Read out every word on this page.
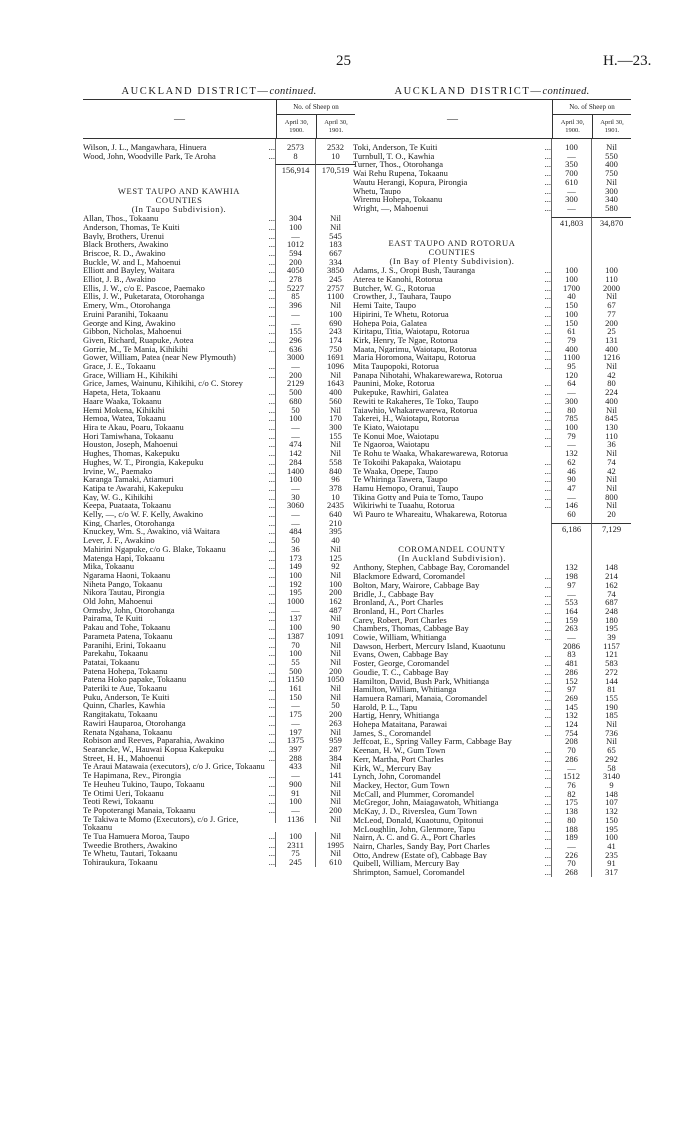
25	H.—23.
AUCKLAND DISTRICT—continued.
—
No. of Sheep on
April 30,
1900.
April 30,
1901.
Wilson, J. L., Mangawhara, Hinuera	...	2573	2532
Wood, John, Woodville Park, Te Aroha	...	8	10
156,914	170,519
WEST TAUPO AND KAWHIA
COUNTIES
(In Taupo Subdivision).
Allan, Thos., Tokaanu	...	304	Nil
Anderson, Thomas, Te Kuiti	...	100	Nil
Bayly, Brothers, Urenui	...	—	545
Black Brothers, Awakino	...	1012	183
Briscoe, R. D., Awakino	...	594	667
Buckle, W. and I., Mahoenui	...	200	334
Elliott and Bayley, Waitara	...	4050	3850
Elliot, J. B., Awakino	...	278	245
Ellis, J. W., c/o E. Pascoe, Paemako	...	5227	2757
Ellis, J. W., Puketarata, Otorohanga	...	85	1100
Emery, Wm., Otorohanga	...	396	Nil
Eruini Paranihi, Tokaanu	...	—	100
George and King, Awakino	...	—	690
Gibbon, Nicholas, Mahoenui	...	155	243
Given, Richard, Ruapuke, Aotea	...	296	174
Gorrie, M., Te Mania, Kihikihi	...	636	750
Gower, William, Patea (near New Plymouth)	3000	1691
Grace, J. E., Tokaanu	...	—	1096
Grace, William H., Kihikihi	...	200	Nil
Grice, James, Wainunu, Kihikihi, c/o C. Storey	2129	1643
Hapeta, Heta, Tokaanu	...	500	400
Haare Waaka, Tokaanu	...	680	560
Hemi Mokena, Kihikihi	...	50	Nil
Hemoa, Watea, Tokaanu	...	100	170
Hira te Akau, Poaru, Tokaanu	...	—	300
Hori Tamiwhana, Tokaanu	...	—	155
Houston, Joseph, Mahoenui	...	474	Nil
Hughes, Thomas, Kakepuku	...	142	Nil
Hughes, W. T., Pirongia, Kakepuku	...	284	558
Irvine, W., Paemako	...	1400	840
Karanga Tamaki, Atiamuri	...	100	96
Katipa te Awarahi, Kakepuku	...	—	378
Kay, W. G., Kihikihi	...	30	10
Keepa, Puataata, Tokaanu	...	3060	2435
Kelly, —, c/o W. F. Kelly, Awakino	...	—	640
King, Charles, Otorohanga	...	—	210
Knuckey, Wm. S., Awakino, viâ Waitara	...	484	395
Lever, J. F., Awakino	...	50	40
Mahirini Ngapuke, c/o G. Blake, Tokaanu	...	36	Nil
Matenga Hapi, Tokaanu	...	173	125
Mika, Tokaanu	...	149	92
Ngarama Haoni, Tokaanu	...	100	Nil
Niheta Pango, Tokaanu	...	192	100
Nikora Tautau, Pirongia	...	195	200
Old John, Mahoenui	...	1000	162
Ormsby, John, Otorohanga	...	—	487
Pairama, Te Kuiti	...	137	Nil
Pakau and Tohe, Tokaanu	...	100	90
Parameta Patena, Tokaanu	...	1387	1091
Paranihi, Erini, Tokaanu	...	70	Nil
Parekahu, Tokaanu	...	100	Nil
Patatai, Tokaanu	...	55	Nil
Patena Hohepa, Tokaanu	...	500	200
Patena Hoko papake, Tokaanu	...	1150	1050
Pateriki te Aue, Tokaanu	...	161	Nil
Puku, Anderson, Te Kuiti	...	150	Nil
Quinn, Charles, Kawhia	...	—	50
Rangitakatu, Tokaanu	...	175	200
Rawiri Hauparoa, Otorohanga	...	—	263
Renata Ngahana, Tokaanu	...	197	Nil
Robison and Reeves, Paparahia, Awakino	...	1375	959
Searancke, W., Hauwai Kopua Kakepuku	...	397	287
Street, H. H., Mahoenui	...	288	384
Te Araui Matawaia (executors), c/o J. Grice, Tokaanu	433	Nil
Te Hapimana, Rev., Pirongia	...	—	141
Te Heuheu Tukino, Taupo, Tokaanu	...	900	Nil
Te Otimi Ueri, Tokaanu	...	91	Nil
Teoti Rewi, Tokaanu	...	100	Nil
Te Popoterangi Manaia, Tokaanu	...	—	200
Te Takiwa te Momo (Executors), c/o J. Grice, Tokaanu
1136	Nil
Te Tua Hamuera Moroa, Taupo	...	100	Nil
Tweedie Brothers, Awakino	...	2311	1995
Te Whetu, Tautari, Tokaanu	...	75	Nil
Tohiraukura, Tokaanu	...	245	610
AUCKLAND DISTRICT—continued.
—
No. of Sheep on
April 30,
1900.
April 30,
1901.
Toki, Anderson, Te Kuiti	...	100	Nil
Turnbull, T. O., Kawhia	...	—	550
Turner, Thos., Otorohanga	...	350	400
Wai Rehu Rupena, Tokaanu	...	700	750
Wautu Herangi, Kopura, Pirongia	...	610	Nil
Whetu, Taupo	...	—	300
Wiremu Hohepa, Tokaanu	...	300	340
Wright, —, Mahoenui	...	—	580
41,803	34,870
EAST TAUPO AND ROTORUA
COUNTIES
(In Bay of Plenty Subdivision).
Adams, J. S., Oropi Bush, Tauranga	...	100	100
Aterea te Kanohi, Rotorua	...	100	110
Butcher, W. G., Rotorua	...	1700	2000
Crowther, J., Tauhara, Taupo	...	40	Nil
Hemi Taite, Taupo	...	150	67
Hipirini, Te Whetu, Rotorua	...	100	77
Hohepa Poia, Galatea	...	150	200
Kiritapu, Titia, Waiotapu, Rotorua	...	61	25
Kirk, Henry, Te Ngae, Rotorua	...	79	131
Maata, Ngarimu, Waiotapu, Rotorua	...	400	400
Maria Horomona, Waitapu, Rotorua	...	1100	1216
Mita Taupopoki, Rotorua	...	95	Nil
Panapa Nihotahi, Whakarewarewa, Rotorua	120	42
Paunini, Moke, Rotorua	...	64	80
Pukepuke, Rawhiri, Galatea	...	—	224
Rewiti te Rakaheres, Te Toko, Taupo	...	300	400
Taiawhio, Whakarewarewa, Rotorua	...	80	Nil
Takerei, H., Waiotapu, Rotorua	...	785	845
Te Kiato, Waiotapu	...	100	130
Te Konui Moe, Waiotapu	...	79	110
Te Ngaoroa, Waiotapu	...	—	36
Te Rohu te Waaka, Whakarewarewa, Rotorua	132	Nil
Te Tokoihi Pakapaka, Waiotapu	...	62	74
Te Waaka, Opepe, Taupo	...	46	42
Te Whiringa Tawera, Taupo	...	90	Nil
Hamu Hemopo, Oranui, Taupo	...	47	Nil
Tikina Gotty and Puia te Tomo, Taupo	...	—	800
Wikiriwhi te Tuaahu, Rotorua	...	146	Nil
Wi Pauro te Whareaitu, Whakarewa, Rotorua	60	20
6,186	7,129
COROMANDEL COUNTY
(In Auckland Subdivision).
Anthony, Stephen, Cabbage Bay, Coromandel	132	148
Blackmore Edward, Coromandel	...	198	214
Bolton, Mary, Wairore, Cabbage Bay	...	97	162
Bridle, J., Cabbage Bay	...	—	74
Bronland, A., Port Charles	...	553	687
Bronland, H., Port Charles	...	164	248
Carey, Robert, Port Charles	...	159	180
Chambers, Thomas, Cabbage Bay	...	263	195
Cowie, William, Whitianga	...	—	39
Dawson, Herbert, Mercury Island, Kuaotunu	2086	1157
Evans, Owen, Cabbage Bay	...	83	121
Foster, George, Coromandel	...	481	583
Goudie, T. C., Cabbage Bay	...	286	272
Hamilton, David, Bush Park, Whitianga	...	152	144
Hamilton, William, Whitianga	...	97	81
Hamuera Ramari, Manaia, Coromandel	...	269	155
Harold, P. L., Tapu	...	145	190
Hartig, Henry, Whitianga	...	132	185
Hohepa Mataitana, Parawai	...	124	Nil
James, S., Coromandel	...	754	736
Jeffcoat, E., Spring Valley Farm, Cabbage Bay	208	Nil
Keenan, H. W., Gum Town	...	70	65
Kerr, Martha, Port Charles	...	286	292
Kirk, W., Mercury Bay	...	—	58
Lynch, John, Coromandel	...	1512	3140
Mackey, Hector, Gum Town	...	76	9
McCall, and Plummer, Coromandel	...	82	148
McGregor, John, Maiagawatoh, Whitianga	...	175	107
McKay, J. D., Riverslea, Gum Town	...	138	132
McLeod, Donald, Kuaotunu, Opitonui	...	80	150
McLoughlin, John, Glenmore, Tapu	...	188	195
Nairn, A. C. and G. A., Port Charles	...	189	100
Nairn, Charles, Sandy Bay, Port Charles	...	—	41
Otto, Andrew (Estate of), Cabbage Bay	...	226	235
Quibell, William, Mercury Bay	...	70	91
Shrimpton, Samuel, Coromandel	...	268	317
